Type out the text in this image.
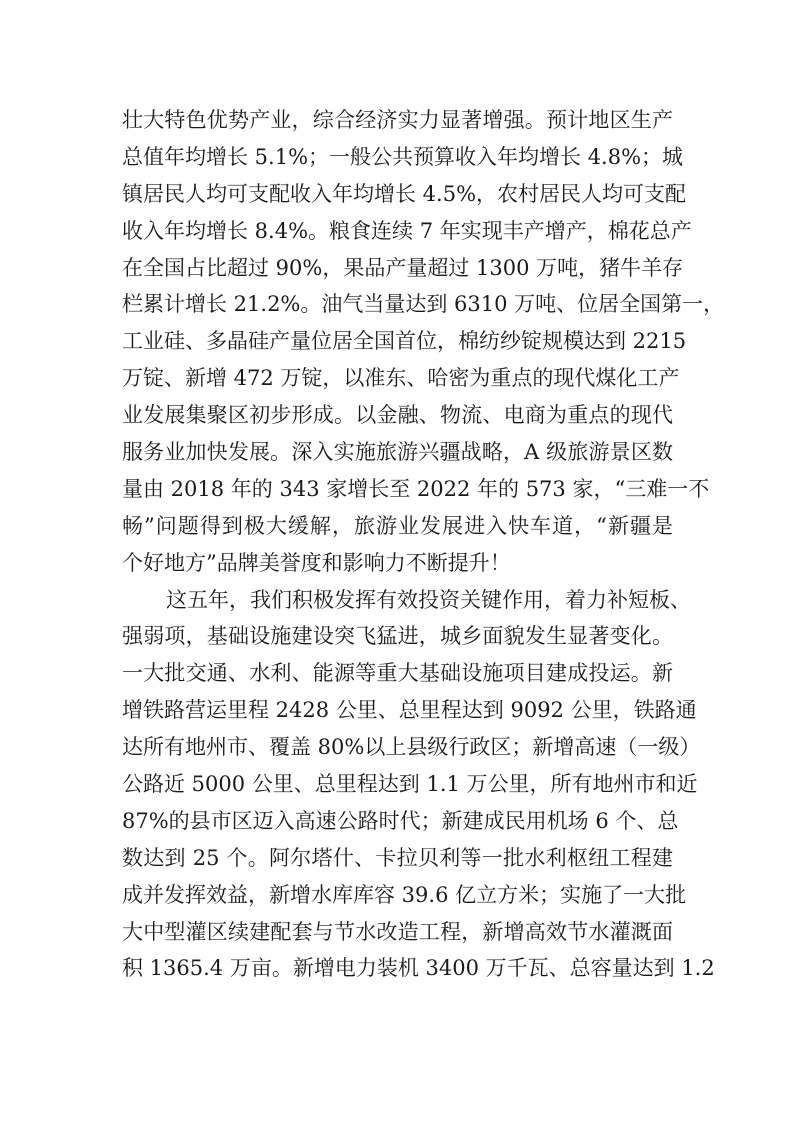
壮大特色优势产业，综合经济实力显著增强。预计地区生产
总值年均增长 5.1%；一般公共预算收入年均增长 4.8%；城
镇居民人均可支配收入年均增长 4.5%，农村居民人均可支配
收入年均增长 8.4%。粮食连续 7 年实现丰产增产，棉花总产
在全国占比超过 90%，果品产量超过 1300 万吨，猪牛羊存
栏累计增长 21.2%。油气当量达到 6310 万吨、位居全国第一，
工业硅、多晶硅产量位居全国首位，棉纺纱锭规模达到 2215
万锭、新增 472 万锭，以准东、哈密为重点的现代煤化工产
业发展集聚区初步形成。以金融、物流、电商为重点的现代
服务业加快发展。深入实施旅游兴疆战略，A 级旅游景区数
量由 2018 年的 343 家增长至 2022 年的 573 家，“三难一不
畅”问题得到极大缓解，旅游业发展进入快车道，“新疆是
个好地方”品牌美誉度和影响力不断提升！
这五年，我们积极发挥有效投资关键作用，着力补短板、
强弱项，基础设施建设突飞猛进，城乡面貌发生显著变化。
一大批交通、水利、能源等重大基础设施项目建成投运。新
增铁路营运里程 2428 公里、总里程达到 9092 公里，铁路通
达所有地州市、覆盖 80%以上县级行政区；新增高速（一级）
公路近 5000 公里、总里程达到 1.1 万公里，所有地州市和近
87%的县市区迈入高速公路时代；新建成民用机场 6 个、总
数达到 25 个。阿尔塔什、卡拉贝利等一批水利枢纽工程建
成并发挥效益，新增水库库容 39.6 亿立方米；实施了一大批
大中型灌区续建配套与节水改造工程，新增高效节水灌溉面
积 1365.4 万亩。新增电力装机 3400 万千瓦、总容量达到 1.2
